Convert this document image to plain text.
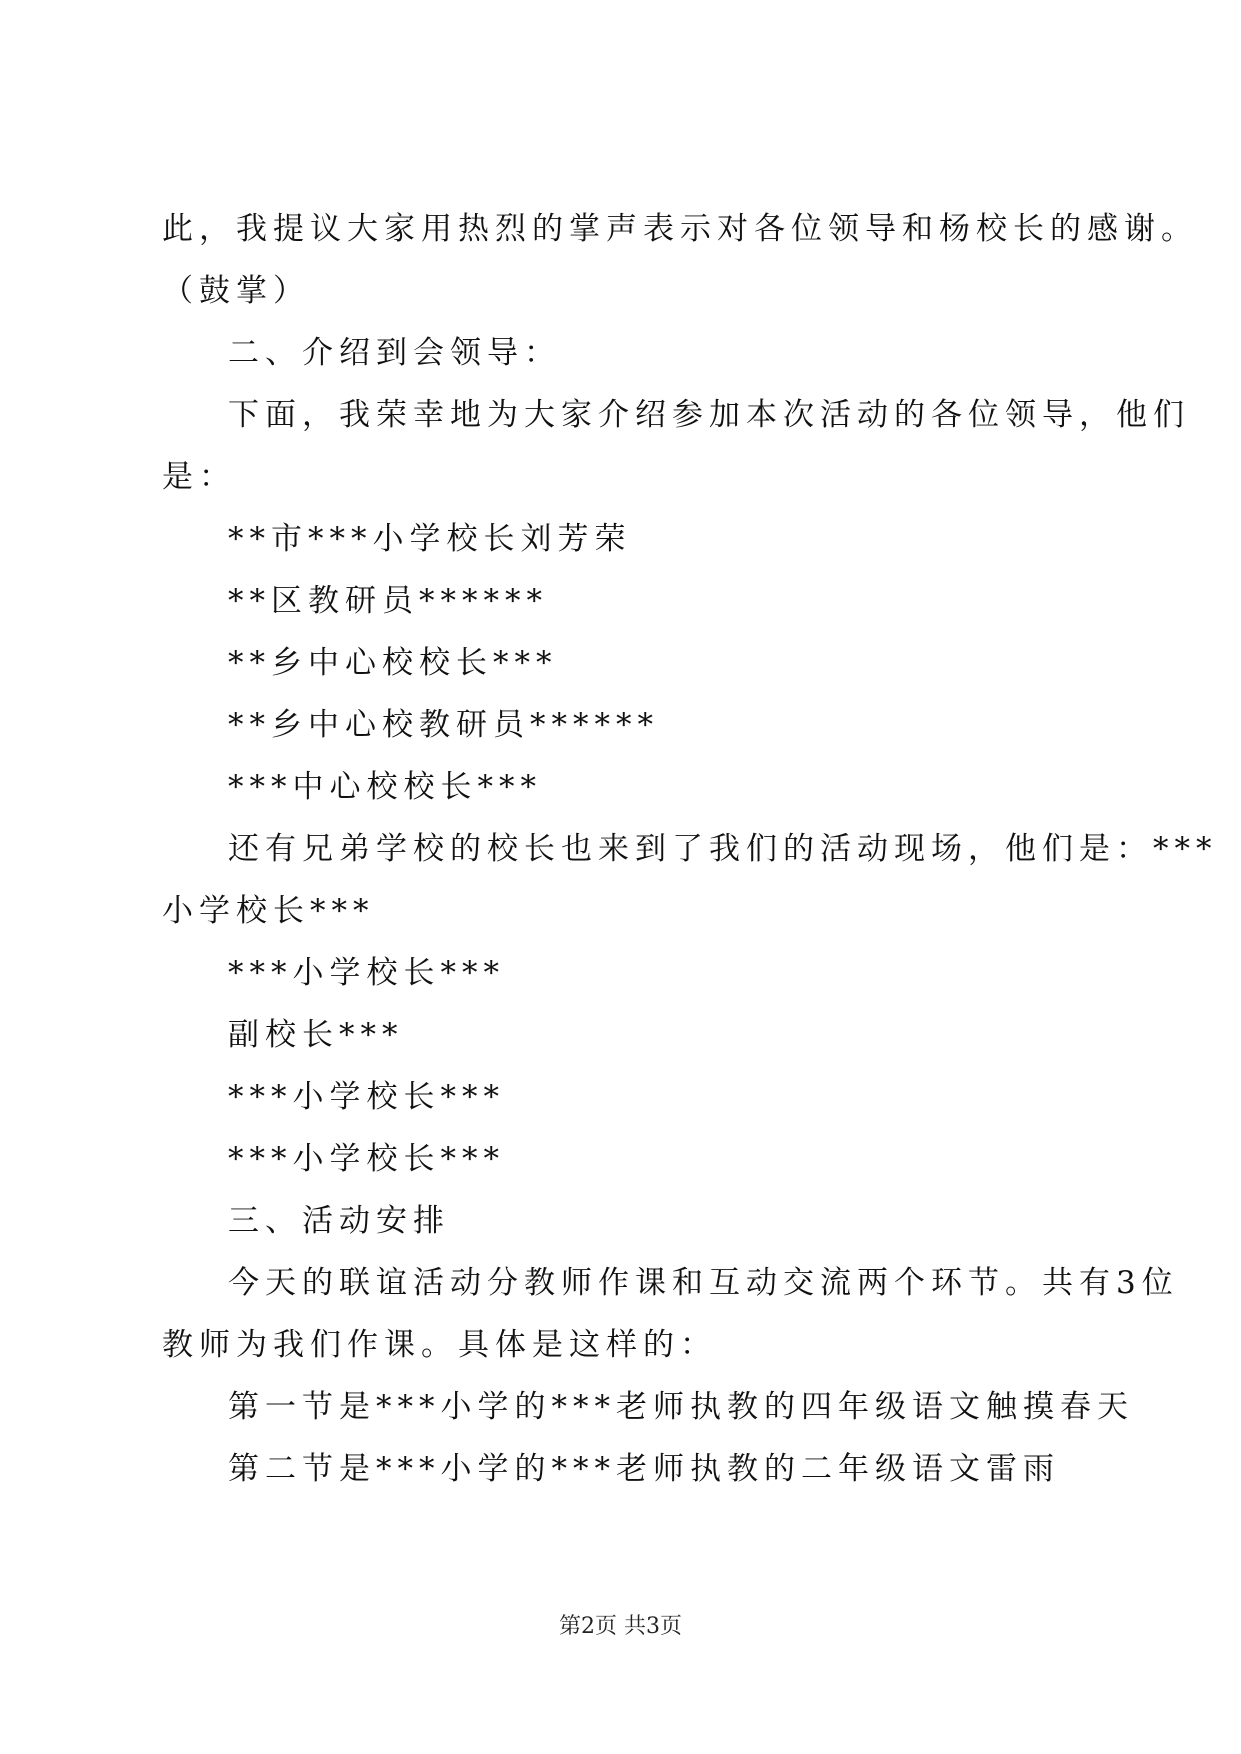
此，我提议大家用热烈的掌声表示对各位领导和杨校长的感谢。

（鼓掌）

二、介绍到会领导：

下面，我荣幸地为大家介绍参加本次活动的各位领导，他们

是：

**市***小学校长刘芳荣

**区教研员******

**乡中心校校长***

**乡中心校教研员******

***中心校校长***

还有兄弟学校的校长也来到了我们的活动现场，他们是：***

小学校长***

***小学校长***

副校长***

***小学校长***

***小学校长***

三、活动安排

今天的联谊活动分教师作课和互动交流两个环节。共有3位

教师为我们作课。具体是这样的：

第一节是***小学的***老师执教的四年级语文触摸春天

第二节是***小学的***老师执教的二年级语文雷雨

第2页 共3页
